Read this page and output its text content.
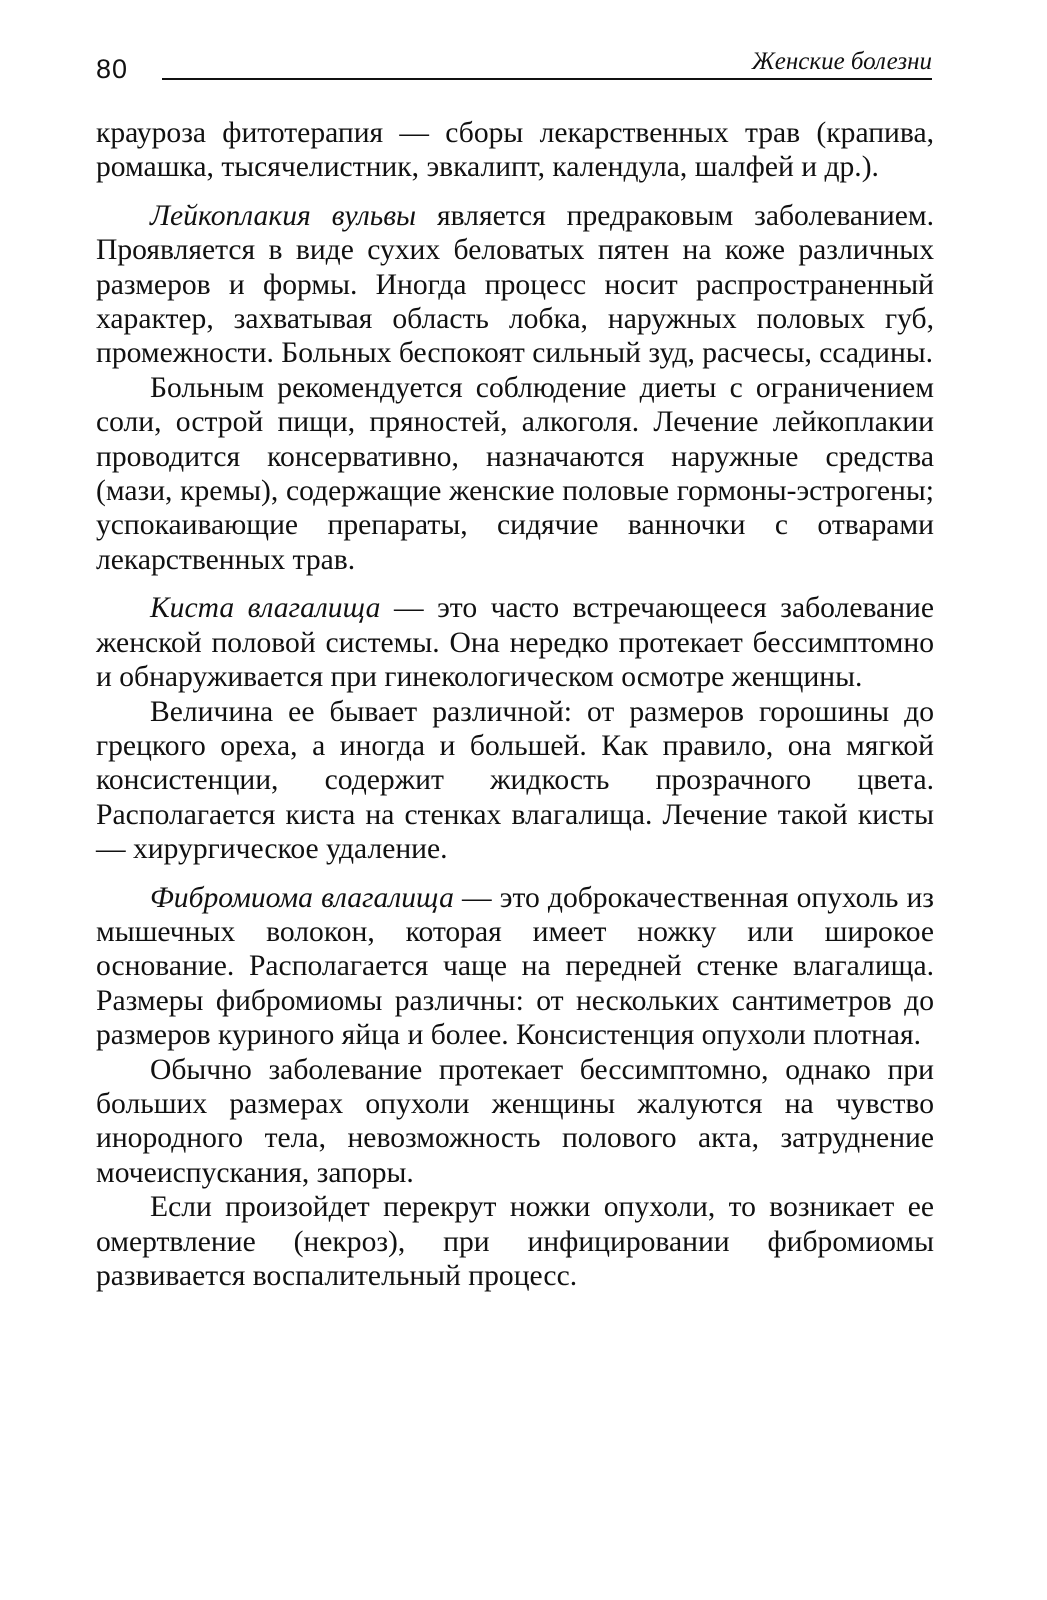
80	Женские болезни

краурозa фитотерапия — сборы лекарственных трав (крапива, ромашка, тысячелистник, эвкалипт, календула, шалфей и др.).

Лейкоплакия вульвы является предраковым заболеванием. Проявляется в виде сухих беловатых пятен на коже различных размеров и формы. Иногда процесс носит распространенный характер, захватывая область лобка, наружных половых губ, промежности. Больных беспокоят сильный зуд, расчесы, ссадины.

Больным рекомендуется соблюдение диеты с ограничением соли, острой пищи, пряностей, алкоголя. Лечение лейкоплакии проводится консервативно, назначаются наружные средства (мази, кремы), содержащие женские половые гормоны-эстрогены; успокаивающие препараты, сидячие ванночки с отварами лекарственных трав.

Киста влагалища — это часто встречающееся заболевание женской половой системы. Она нередко протекает бессимптомно и обнаруживается при гинекологическом осмотре женщины.

Величина ее бывает различной: от размеров горошины до грецкого ореха, а иногда и большей. Как правило, она мягкой консистенции, содержит жидкость прозрачного цвета. Располагается киста на стенках влагалища. Лечение такой кисты — хирургическое удаление.

Фибромиома влагалища — это доброкачественная опухоль из мышечных волокон, которая имеет ножку или широкое основание. Располагается чаще на передней стенке влагалища. Размеры фибромиомы различны: от нескольких сантиметров до размеров куриного яйца и более. Консистенция опухоли плотная.

Обычно заболевание протекает бессимптомно, однако при больших размерах опухоли женщины жалуются на чувство инородного тела, невозможность полового акта, затруднение мочеиспускания, запоры.

Если произойдет перекрут ножки опухоли, то возникает ее омертвление (некроз), при инфицировании фибромиомы развивается воспалительный процесс.
